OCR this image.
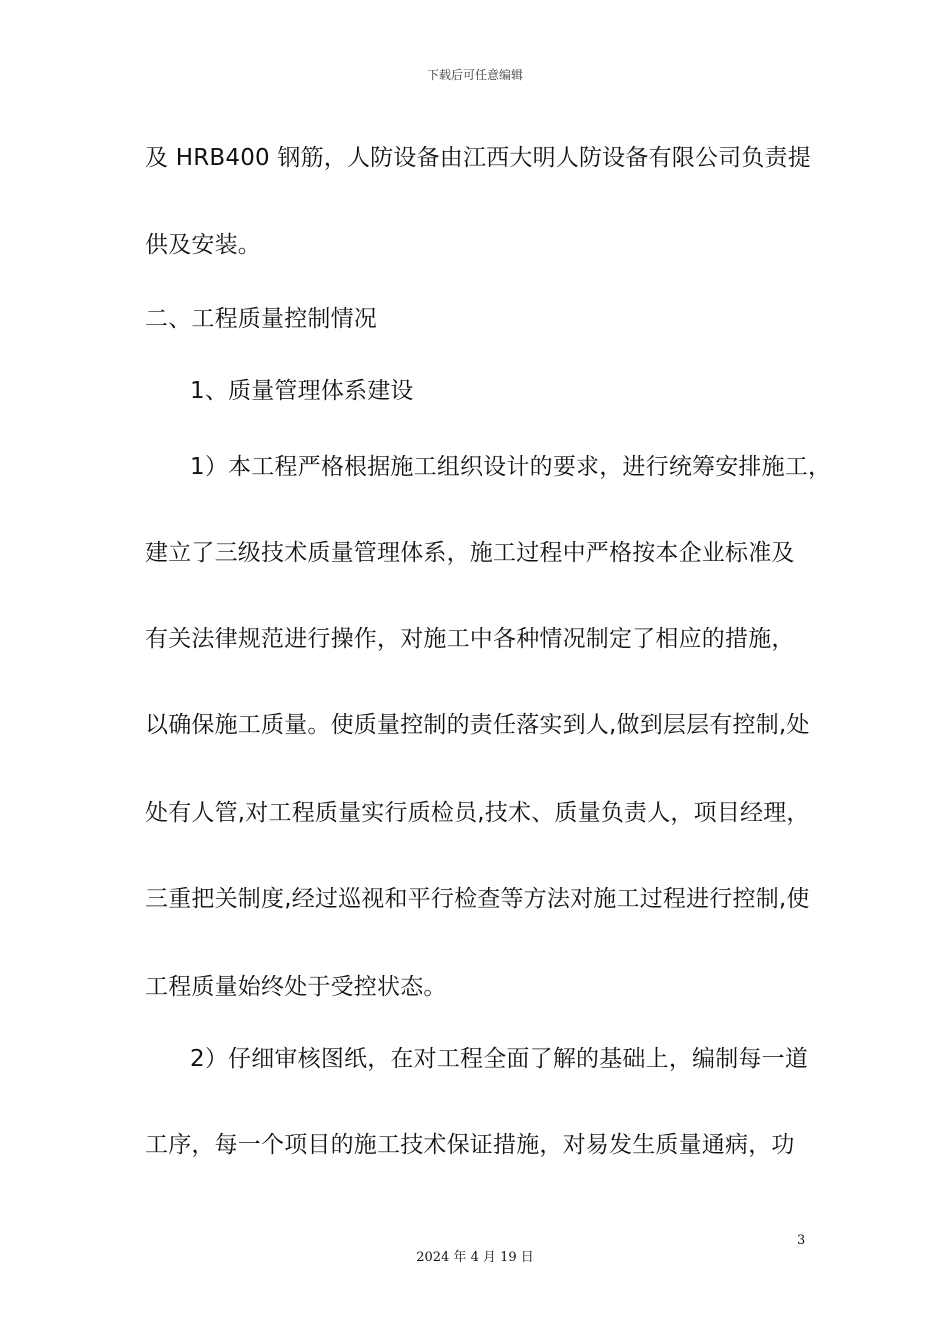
下载后可任意编辑
及 HRB400 钢筋，人防设备由江西大明人防设备有限公司负责提
供及安装。
二、工程质量控制情况
1、质量管理体系建设
1）本工程严格根据施工组织设计的要求，进行统筹安排施工，
建立了三级技术质量管理体系，施工过程中严格按本企业标准及
有关法律规范进行操作，对施工中各种情况制定了相应的措施，
以确保施工质量。使质量控制的责任落实到人,做到层层有控制,处
处有人管,对工程质量实行质检员,技术、质量负责人，项目经理，
三重把关制度,经过巡视和平行检查等方法对施工过程进行控制,使
工程质量始终处于受控状态。
2）仔细审核图纸，在对工程全面了解的基础上，编制每一道
工序，每一个项目的施工技术保证措施，对易发生质量通病，功
3
2024 年 4 月 19 日
